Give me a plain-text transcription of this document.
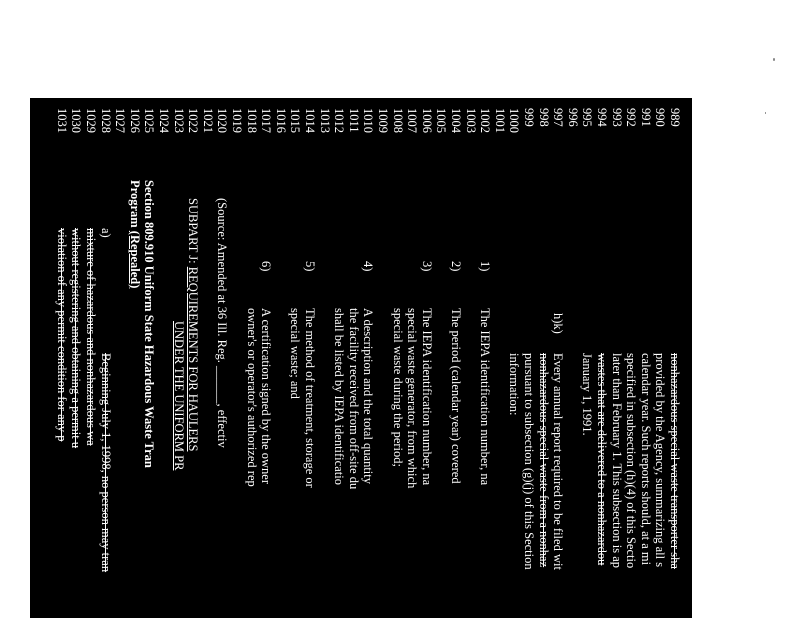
989
nonhazardous special waste transporter sha
990
provided by the Agency, summarizing all s
991
calendar year. Such reports should, at a mi
992
specified in subsection (h)(4) of this Sectio
993
later than February 1. This subsection is ap
994
wastes that are delivered to a nonhazardou
995
January 1, 1991.
996
997
h)k)
Every annual report required to be filed wit
998
nonhazardous special waste from a nonhaz
999
pursuant to subsection (g)(j) of this Section
1000
information:
1001
1002
1)
The IEPA identification number, na
1003
1004
2)
The period (calendar year) covered
1005
1006
3)
The IEPA identification number, na
1007
special waste generator, from which
1008
special waste during the period;
1009
1010
4)
A description and the total quantity
1011
the facility received from off-site du
1012
shall be listed by IEPA identificatio
1013
1014
5)
The method of treatment, storage or
1015
special waste; and
1016
1017
6)
A certification signed by the owner
1018
owner's or operator's authorized rep
1019
1020
(Source: Amended at 36 Ill. Reg. ______, effectiv
1021
1022
SUBPART J: REQUIREMENTS FOR HAULERS
1023
UNDER THE UNIFORM PR
1024
1025
Section 809.910 Uniform State Hazardous Waste Tran
1026
Program (Repealed)
1027
1028
a)
Beginning July 1, 1998, no person may tran
1029
mixture of hazardous and nonhazardous wa
1030
without registering and obtaining a permit u
1031
violation of any permit condition for any p
